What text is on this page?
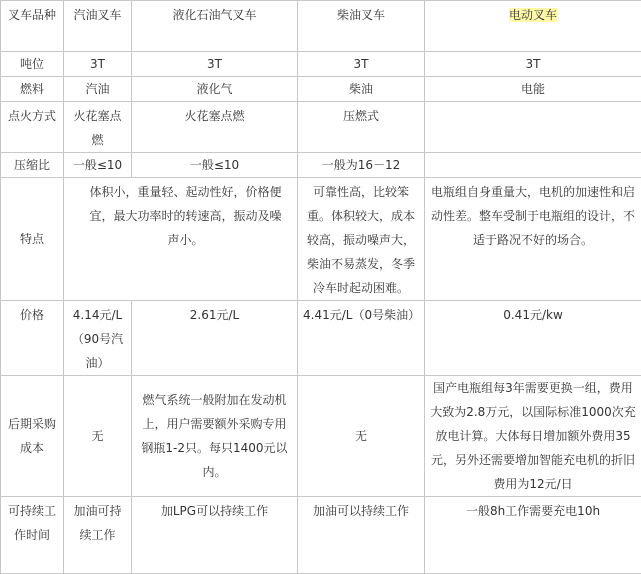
叉车品种	汽油叉车	液化石油气叉车	柴油叉车	电动叉车
吨位	3T	3T	3T	3T
燃料	汽油	液化气	柴油	电能
点火方式	火花塞点燃	火花塞点燃	压燃式	
压缩比	一般≤10	一般≤10	一般为16－12	
特点	体积小，重量轻、起动性好，价格便宜，最大功率时的转速高，振动及噪声小。		可靠性高，比较笨重。体积较大，成本较高，振动噪声大，柴油不易蒸发，冬季冷车时起动困难。	电瓶组自身重量大，电机的加速性和启动性差。整车受制于电瓶组的设计，不适于路况不好的场合。
价格	4.14元/L（90号汽油）	2.61元/L	4.41元/L（0号柴油）	0.41元/kw
后期采购成本	无	燃气系统一般附加在发动机上，用户需要额外采购专用钢瓶1-2只。每只1400元以内。	无	国产电瓶组每3年需要更换一组，费用大致为2.8万元，以国际标准1000次充放电计算。大体每日增加额外费用35元，另外还需要增加智能充电机的折旧费用为12元/日
可持续工作时间	加油可持续工作	加LPG可以持续工作	加油可以持续工作	一般8h工作需要充电10h
